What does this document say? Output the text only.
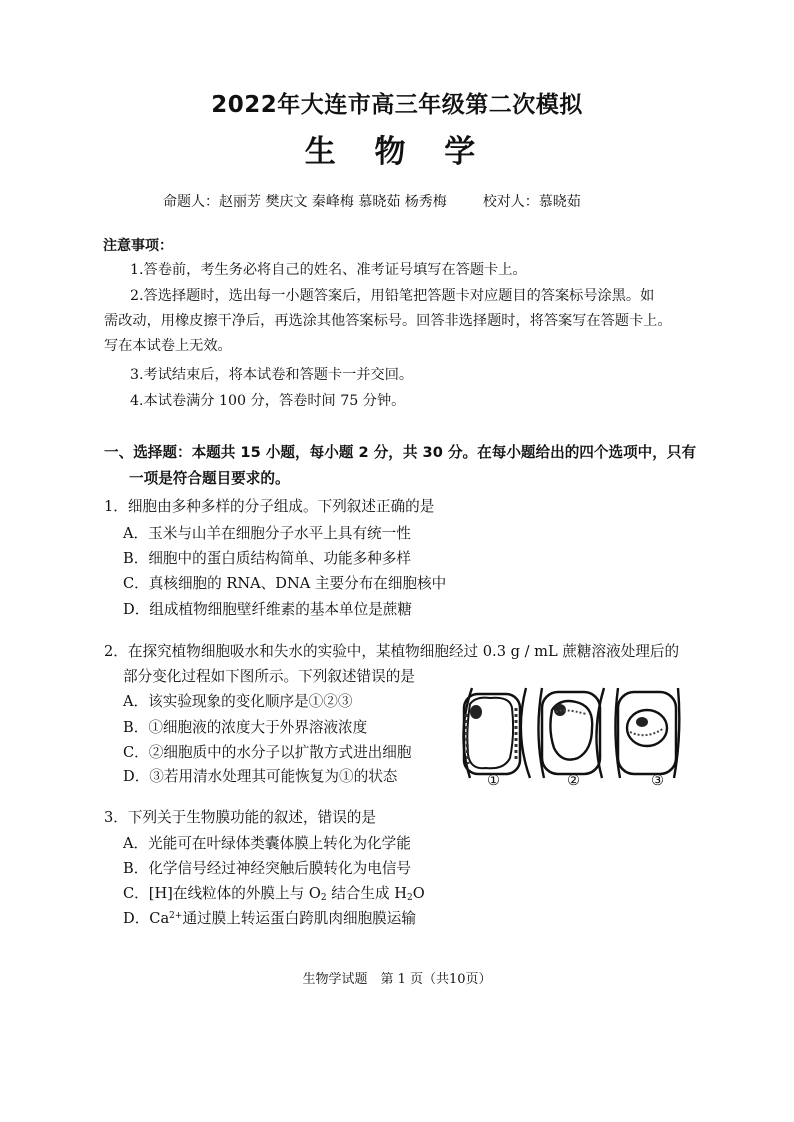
2022年大连市高三年级第二次模拟
生 物 学
命题人：赵丽芳 樊庆文 秦峰梅 慕晓茹 杨秀梅	校对人：慕晓茹
注意事项：
1.答卷前，考生务必将自己的姓名、准考证号填写在答题卡上。
2.答选择题时，选出每一小题答案后，用铅笔把答题卡对应题目的答案标号涂黑。如
需改动，用橡皮擦干净后，再选涂其他答案标号。回答非选择题时，将答案写在答题卡上。
写在本试卷上无效。
3.考试结束后，将本试卷和答题卡一并交回。
4.本试卷满分 100 分，答卷时间 75 分钟。
一、选择题：本题共 15 小题，每小题 2 分，共 30 分。在每小题给出的四个选项中，只有
一项是符合题目要求的。
1．细胞由多种多样的分子组成。下列叙述正确的是
A．玉米与山羊在细胞分子水平上具有统一性
B．细胞中的蛋白质结构简单、功能多种多样
C．真核细胞的 RNA、DNA 主要分布在细胞核中
D．组成植物细胞壁纤维素的基本单位是蔗糖
2．在探究植物细胞吸水和失水的实验中，某植物细胞经过 0.3 g / mL 蔗糖溶液处理后的
部分变化过程如下图所示。下列叙述错误的是
A．该实验现象的变化顺序是①②③
B．①细胞液的浓度大于外界溶液浓度
C．②细胞质中的水分子以扩散方式进出细胞
D．③若用清水处理其可能恢复为①的状态	①	②	③
3．下列关于生物膜功能的叙述，错误的是
A．光能可在叶绿体类囊体膜上转化为化学能
B．化学信号经过神经突触后膜转化为电信号
C．[H]在线粒体的外膜上与 $O_2$ 结合生成 $H_2O$
D．$Ca^{2+}$通过膜上转运蛋白跨肌肉细胞膜运输
生物学试题　第 1 页（共10页）
